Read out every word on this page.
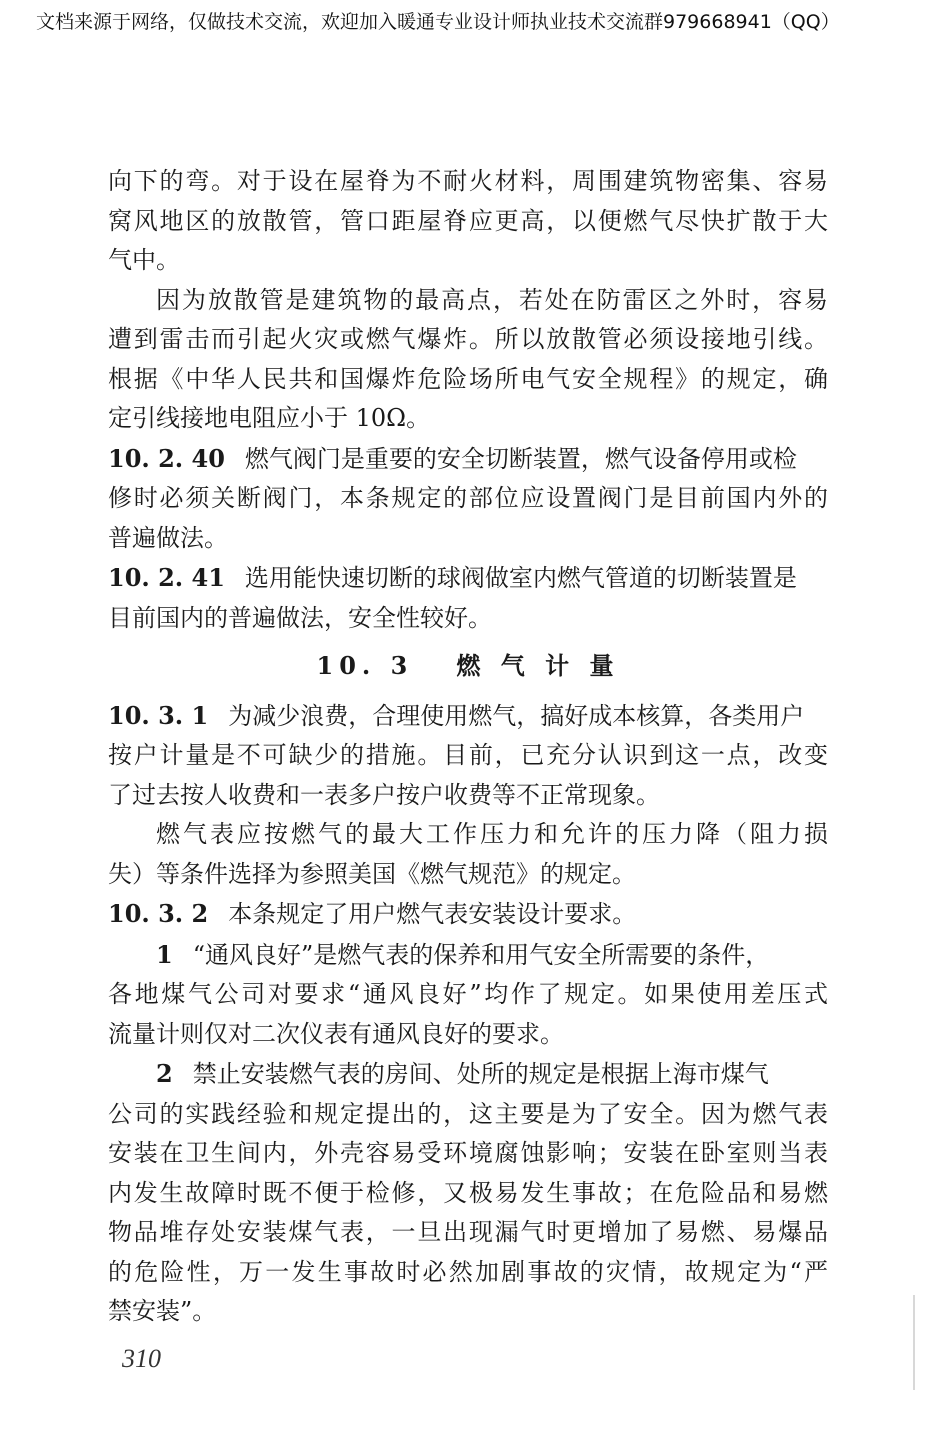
文档来源于网络，仅做技术交流，欢迎加入暖通专业设计师执业技术交流群979668941（QQ）
向下的弯。对于设在屋脊为不耐火材料，周围建筑物密集、容易
窝风地区的放散管，管口距屋脊应更高，以便燃气尽快扩散于大
气中。
因为放散管是建筑物的最高点，若处在防雷区之外时，容易
遭到雷击而引起火灾或燃气爆炸。所以放散管必须设接地引线。
根据《中华人民共和国爆炸危险场所电气安全规程》的规定，确
定引线接地电阻应小于 10Ω。
10. 2. 40 燃气阀门是重要的安全切断装置，燃气设备停用或检
修时必须关断阀门，本条规定的部位应设置阀门是目前国内外的
普遍做法。
10. 2. 41 选用能快速切断的球阀做室内燃气管道的切断装置是
目前国内的普遍做法，安全性较好。
10. 3 燃 气 计 量
10. 3. 1 为减少浪费，合理使用燃气，搞好成本核算，各类用户
按户计量是不可缺少的措施。目前，已充分认识到这一点，改变
了过去按人收费和一表多户按户收费等不正常现象。
燃气表应按燃气的最大工作压力和允许的压力降（阻力损
失）等条件选择为参照美国《燃气规范》的规定。
10. 3. 2 本条规定了用户燃气表安装设计要求。
1 “通风良好”是燃气表的保养和用气安全所需要的条件，
各地煤气公司对要求“通风良好”均作了规定。如果使用差压式
流量计则仅对二次仪表有通风良好的要求。
2 禁止安装燃气表的房间、处所的规定是根据上海市煤气
公司的实践经验和规定提出的，这主要是为了安全。因为燃气表
安装在卫生间内，外壳容易受环境腐蚀影响；安装在卧室则当表
内发生故障时既不便于检修，又极易发生事故；在危险品和易燃
物品堆存处安装煤气表，一旦出现漏气时更增加了易燃、易爆品
的危险性，万一发生事故时必然加剧事故的灾情，故规定为“严
禁安装”。
310
